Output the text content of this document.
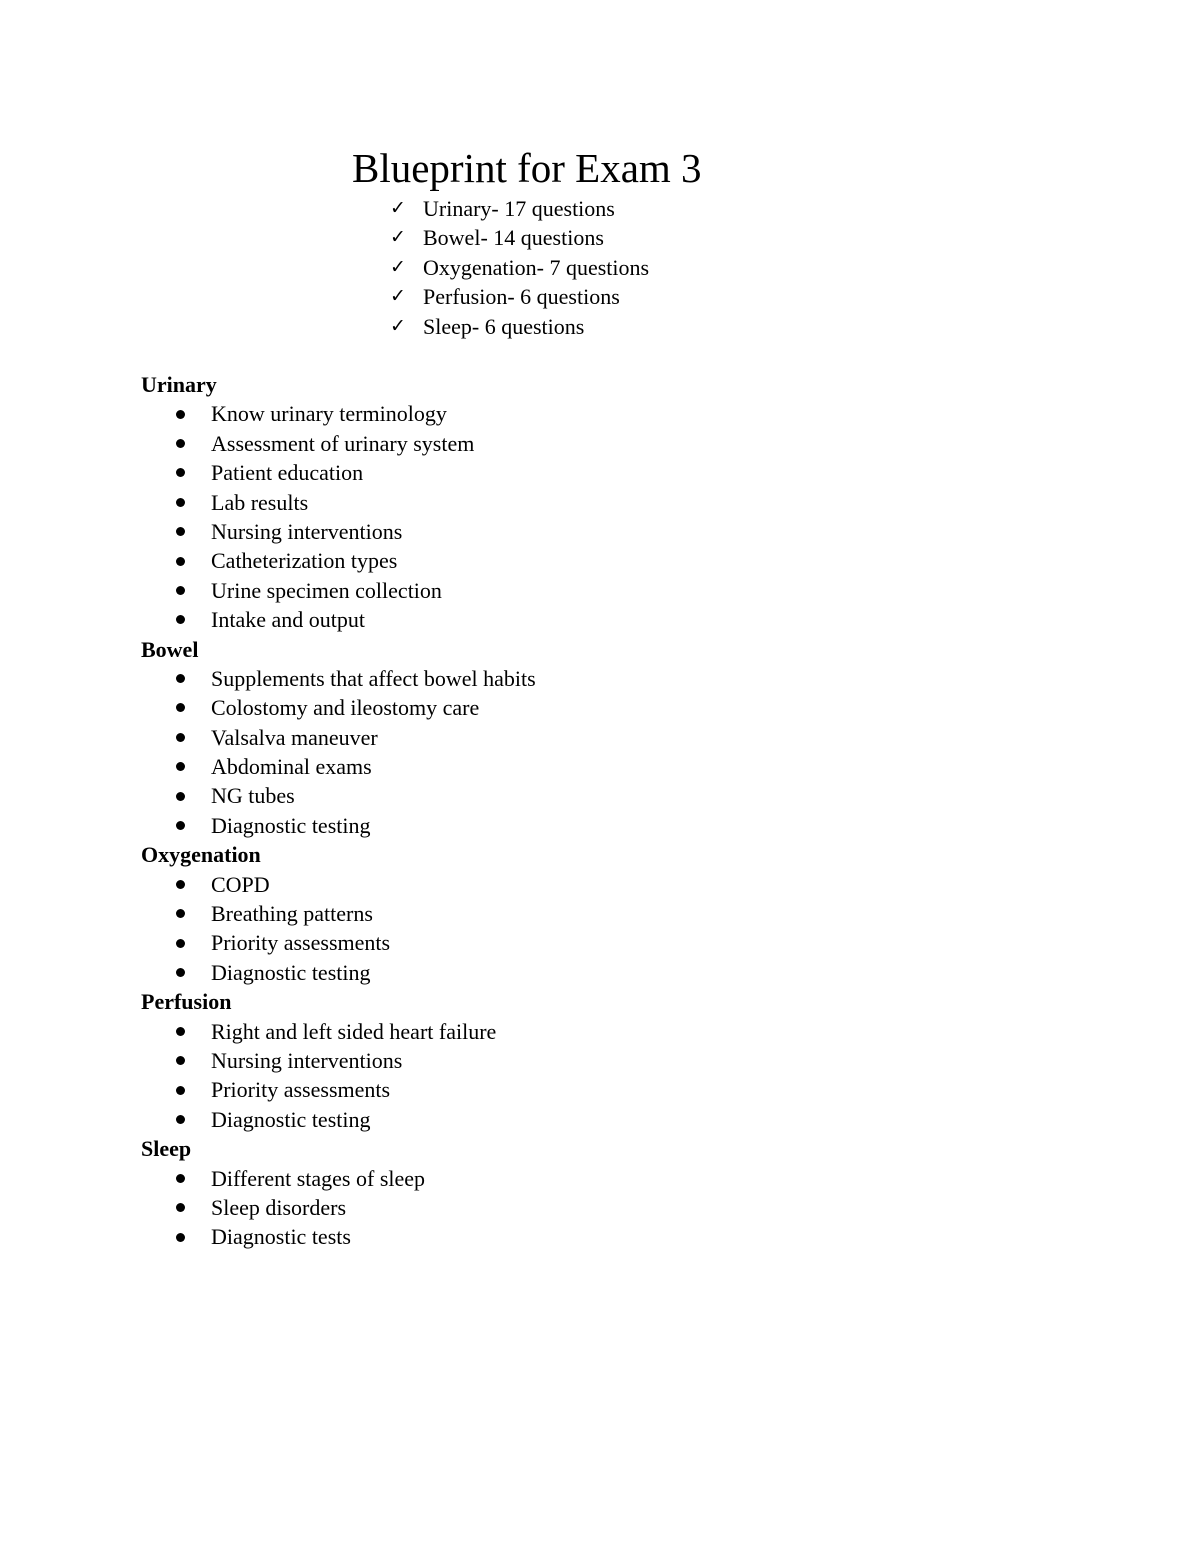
Blueprint for Exam 3
✓ Urinary- 17 questions
✓ Bowel- 14 questions
✓ Oxygenation- 7 questions
✓ Perfusion- 6 questions
✓ Sleep- 6 questions
Urinary
Know urinary terminology
Assessment of urinary system
Patient education
Lab results
Nursing interventions
Catheterization types
Urine specimen collection
Intake and output
Bowel
Supplements that affect bowel habits
Colostomy and ileostomy care
Valsalva maneuver
Abdominal exams
NG tubes
Diagnostic testing
Oxygenation
COPD
Breathing patterns
Priority assessments
Diagnostic testing
Perfusion
Right and left sided heart failure
Nursing interventions
Priority assessments
Diagnostic testing
Sleep
Different stages of sleep
Sleep disorders
Diagnostic tests
